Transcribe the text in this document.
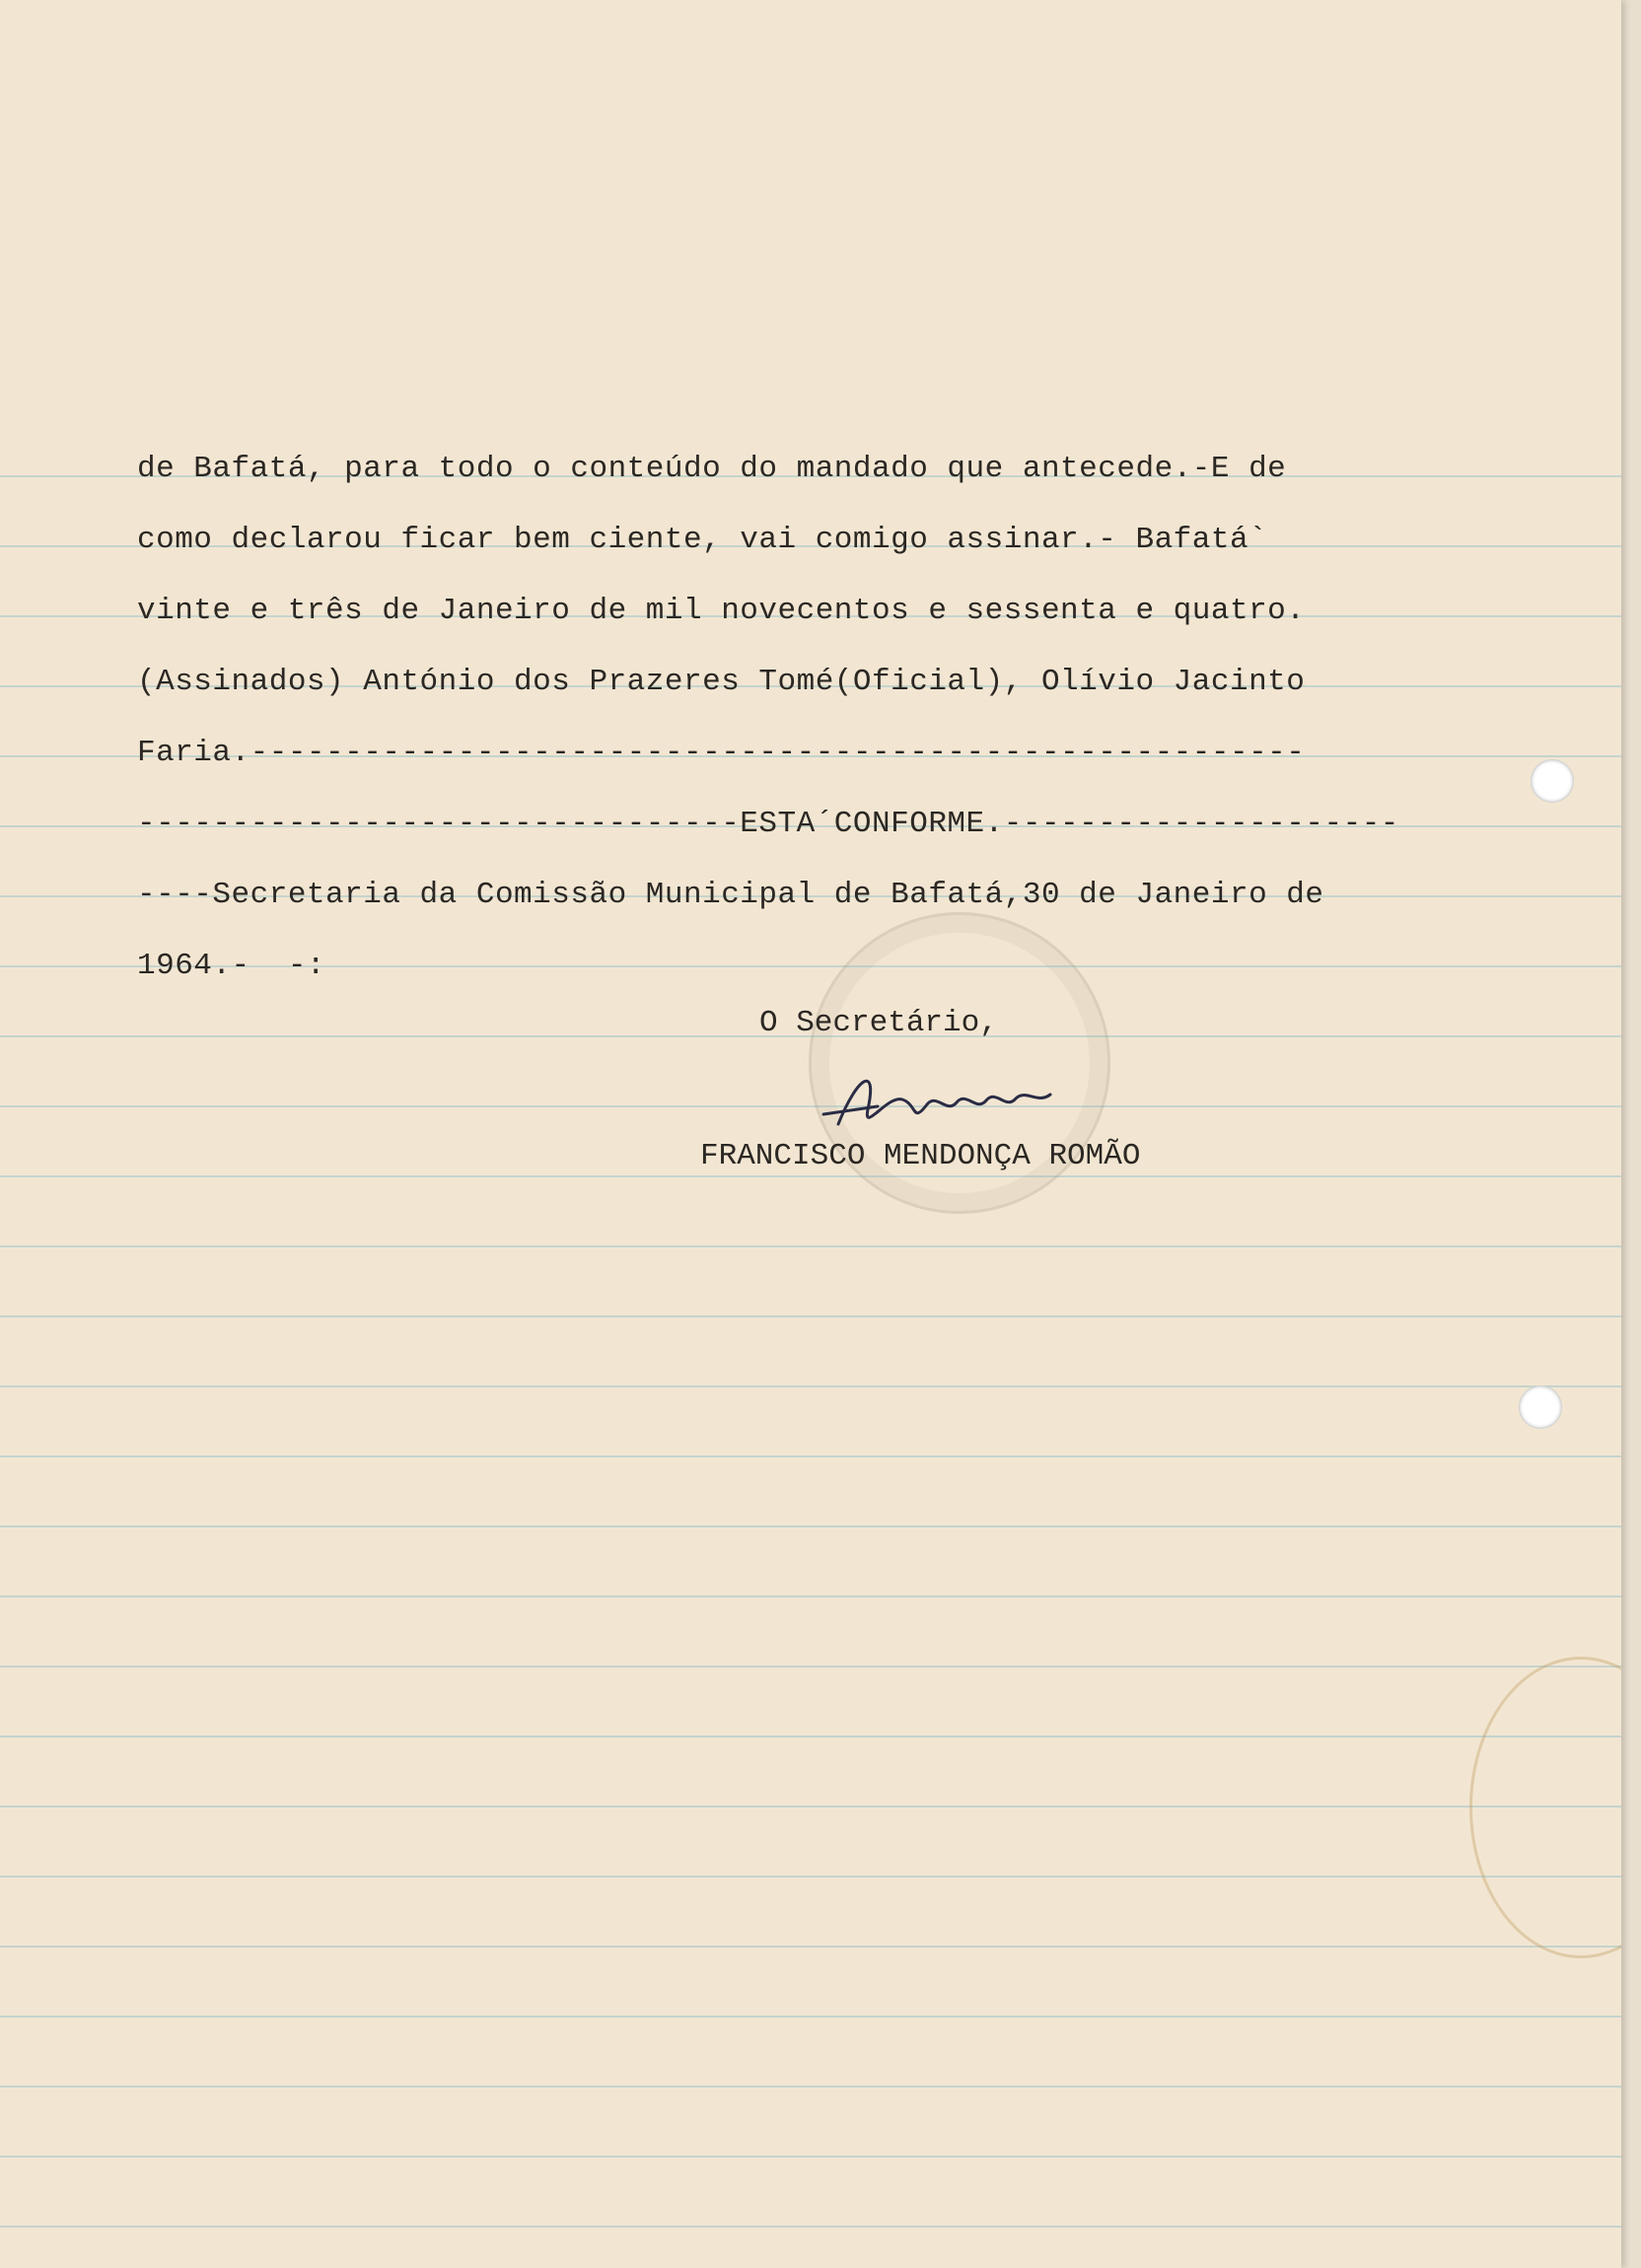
de Bafatá, para todo o conteúdo do mandado que antecede.-E de
como declarou ficar bem ciente, vai comigo assinar.- Bafatá`
vinte e três de Janeiro de mil novecentos e sessenta e quatro.
(Assinados) António dos Prazeres Tomé(Oficial), Olívio Jacinto
Faria.--------------------------------------------------------
--------------------------------ESTA´CONFORME.---------------------
----Secretaria da Comissão Municipal de Bafatá,30 de Janeiro de
1964.-  -:
O Secretário,
FRANCISCO MENDONÇA ROMÃO
